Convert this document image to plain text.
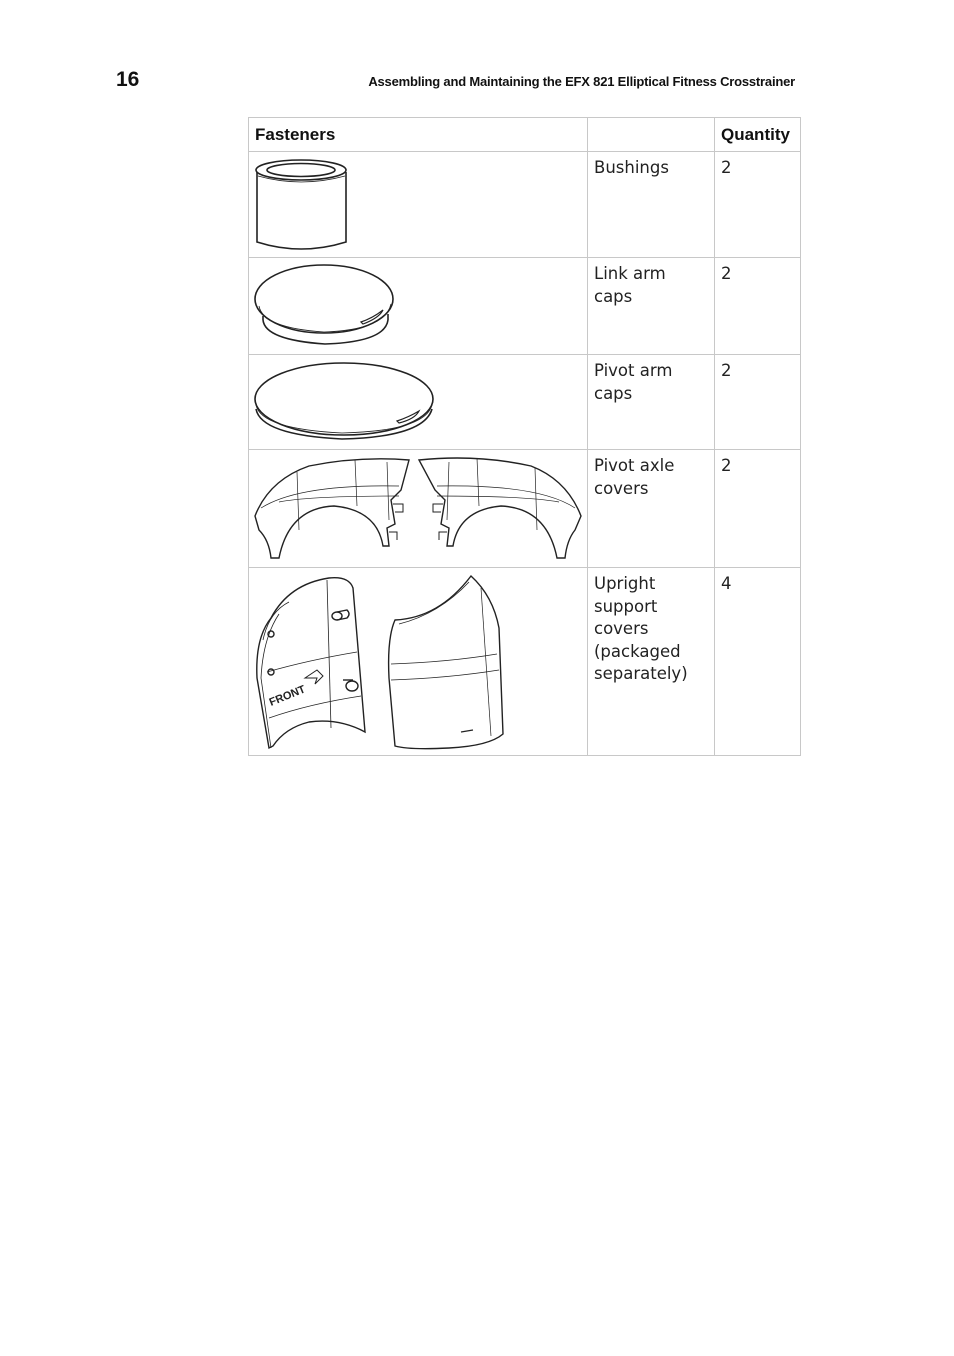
16	Assembling and Maintaining the EFX 821 Elliptical Fitness Crosstrainer
Fasteners		Quantity

	Bushings	2

	Link arm caps	2

	Pivot arm caps	2

	Pivot axle covers	2

FRONT	Upright support covers (packaged separately)	4
